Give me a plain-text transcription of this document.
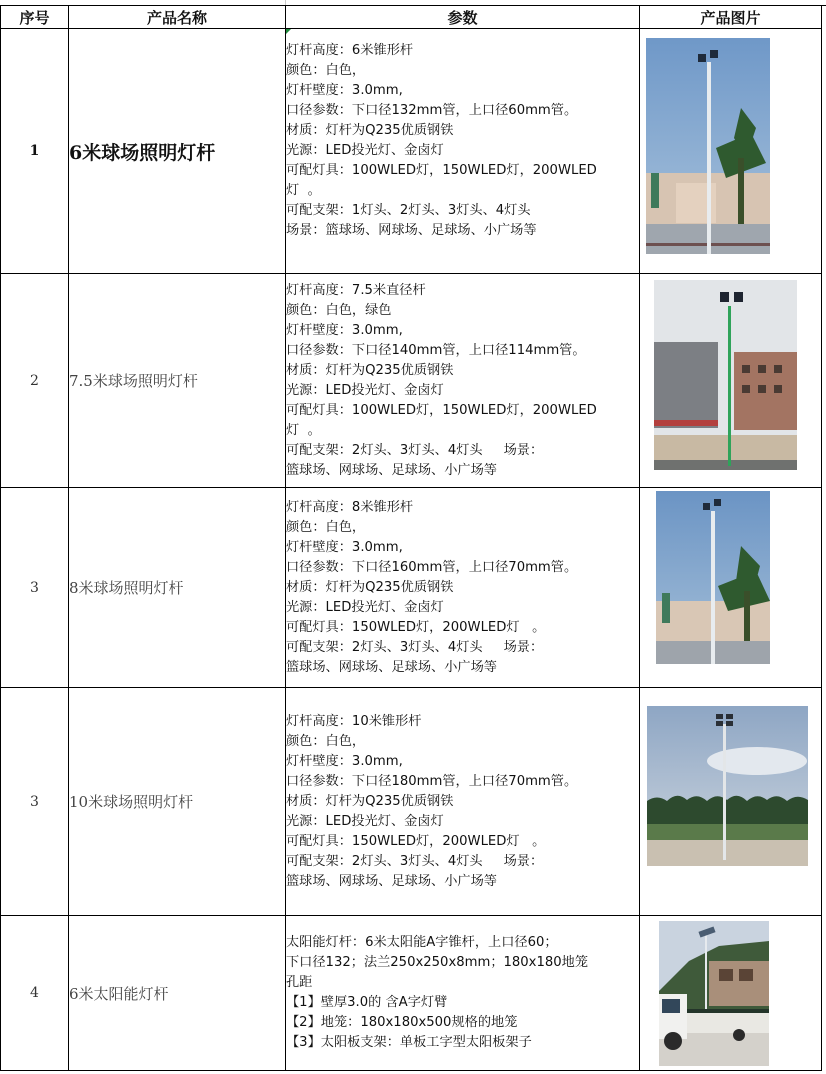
序号	产品名称	参数	产品图片
1	6米球场照明灯杆	
灯杆高度：6米锥形杆
颜色：白色，
灯杆壁度：3.0mm,
口径参数：下口径132mm管，上口径60mm管。
材质：灯杆为Q235优质钢铁
光源：LED投光灯、金卤灯
可配灯具：100WLED灯，150WLED灯，200WLED
灯  。
可配支架：1灯头、2灯头、3灯头、4灯头
场景：篮球场、网球场、足球场、小广场等

2	7.5米球场照明灯杆	
灯杆高度：7.5米直径杆
颜色：白色，绿色
灯杆壁度：3.0mm,
口径参数：下口径140mm管，上口径114mm管。
材质：灯杆为Q235优质钢铁
光源：LED投光灯、金卤灯
可配灯具：100WLED灯，150WLED灯，200WLED
灯  。
可配支架：2灯头、3灯头、4灯头     场景：
篮球场、网球场、足球场、小广场等

3	8米球场照明灯杆	
灯杆高度：8米锥形杆
颜色：白色，
灯杆壁度：3.0mm,
口径参数：下口径160mm管，上口径70mm管。
材质：灯杆为Q235优质钢铁
光源：LED投光灯、金卤灯
可配灯具：150WLED灯，200WLED灯   。
可配支架：2灯头、3灯头、4灯头     场景：
篮球场、网球场、足球场、小广场等

3	10米球场照明灯杆	
灯杆高度：10米锥形杆
颜色：白色，
灯杆壁度：3.0mm,
口径参数：下口径180mm管，上口径70mm管。
材质：灯杆为Q235优质钢铁
光源：LED投光灯、金卤灯
可配灯具：150WLED灯，200WLED灯   。
可配支架：2灯头、3灯头、4灯头     场景：
篮球场、网球场、足球场、小广场等

4	6米太阳能灯杆	
太阳能灯杆：6米太阳能A字锥杆，上口径60；
下口径132；法兰250x250x8mm；180x180地笼
孔距
【1】壁厚3.0的 含A字灯臂
【2】地笼：180x180x500规格的地笼
【3】太阳板支架：单板工字型太阳板架子
